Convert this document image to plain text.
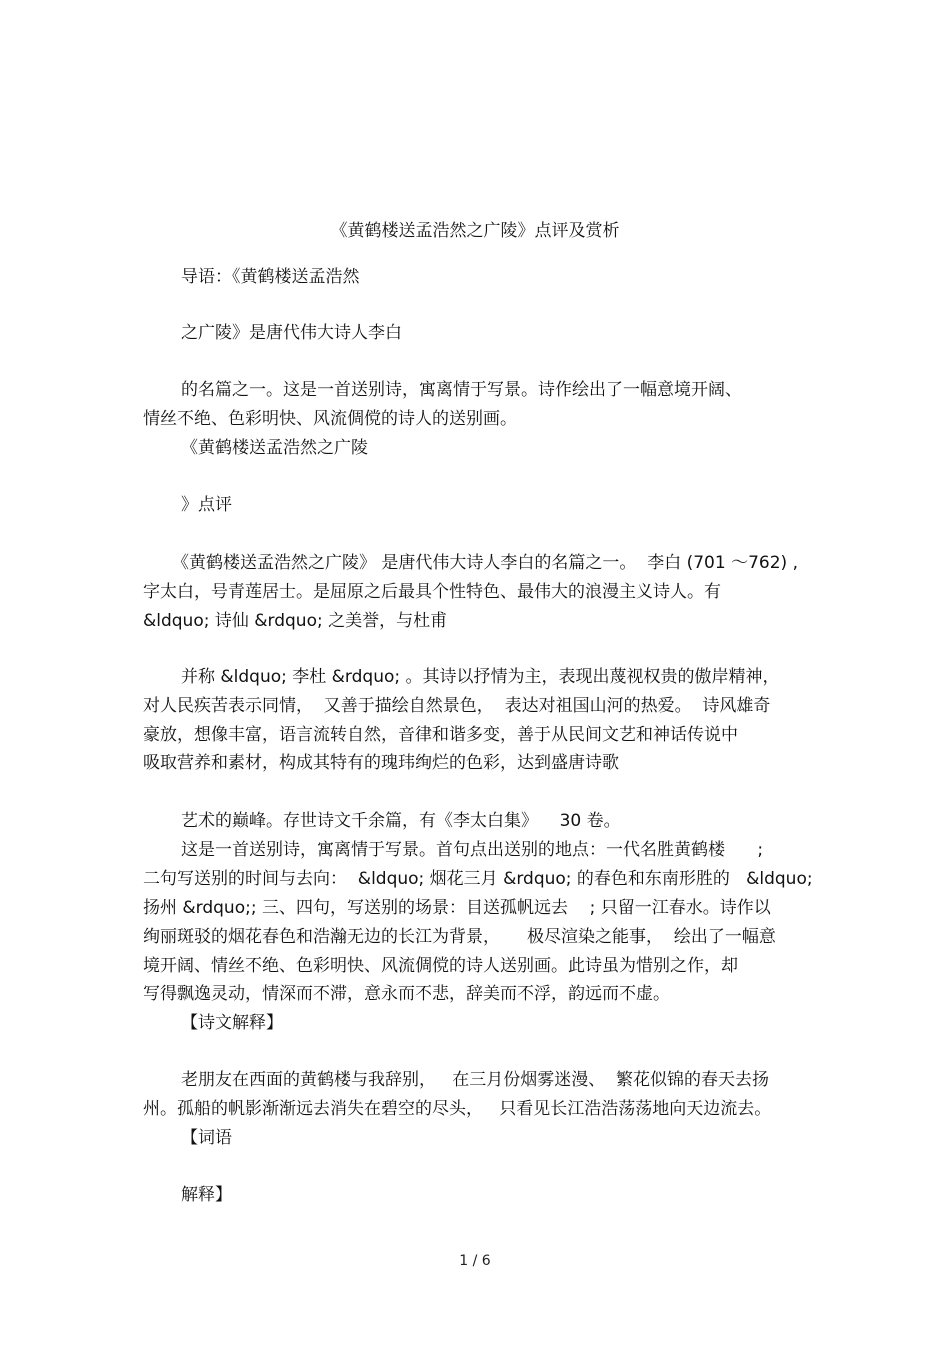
《黄鹤楼送孟浩然之广陵》点评及赏析
导语：《黄鹤楼送孟浩然
之广陵》是唐代伟大诗人李白
的名篇之一。这是一首送别诗，寓离情于写景。诗作绘出了一幅意境开阔、
情丝不绝、色彩明快、风流倜傥的诗人的送别画。
《黄鹤楼送孟浩然之广陵
》点评
《黄鹤楼送孟浩然之广陵》 是唐代伟大诗人李白的名篇之一。  李白 (701 ～762) ,
字太白，号青莲居士。是屈原之后最具个性特色、最伟大的浪漫主义诗人。有
&ldquo; 诗仙 &rdquo; 之美誉，与杜甫
并称 &ldquo; 李杜 &rdquo; 。其诗以抒情为主，表现出蔑视权贵的傲岸精神，
对人民疾苦表示同情，  又善于描绘自然景色，  表达对祖国山河的热爱。  诗风雄奇
豪放，想像丰富，语言流转自然，音律和谐多变，善于从民间文艺和神话传说中
吸取营养和素材，构成其特有的瑰玮绚烂的色彩，达到盛唐诗歌
艺术的巅峰。存世诗文千余篇，有《李太白集》    30 卷。
这是一首送别诗，寓离情于写景。首句点出送别的地点：一代名胜黄鹤楼      ;
二句写送别的时间与去向：  &ldquo; 烟花三月 &rdquo; 的春色和东南形胜的   &ldquo;
扬州 &rdquo;; 三、四句，写送别的场景：目送孤帆远去    ; 只留一江春水。诗作以
绚丽斑驳的烟花春色和浩瀚无边的长江为背景，     极尽渲染之能事，  绘出了一幅意
境开阔、情丝不绝、色彩明快、风流倜傥的诗人送别画。此诗虽为惜别之作，却
写得飘逸灵动，情深而不滞，意永而不悲，辞美而不浮，韵远而不虚。
【诗文解释】
老朋友在西面的黄鹤楼与我辞别，   在三月份烟雾迷漫、  繁花似锦的春天去扬
州。孤船的帆影渐渐远去消失在碧空的尽头，   只看见长江浩浩荡荡地向天边流去。
【词语
解释】
1 / 6
